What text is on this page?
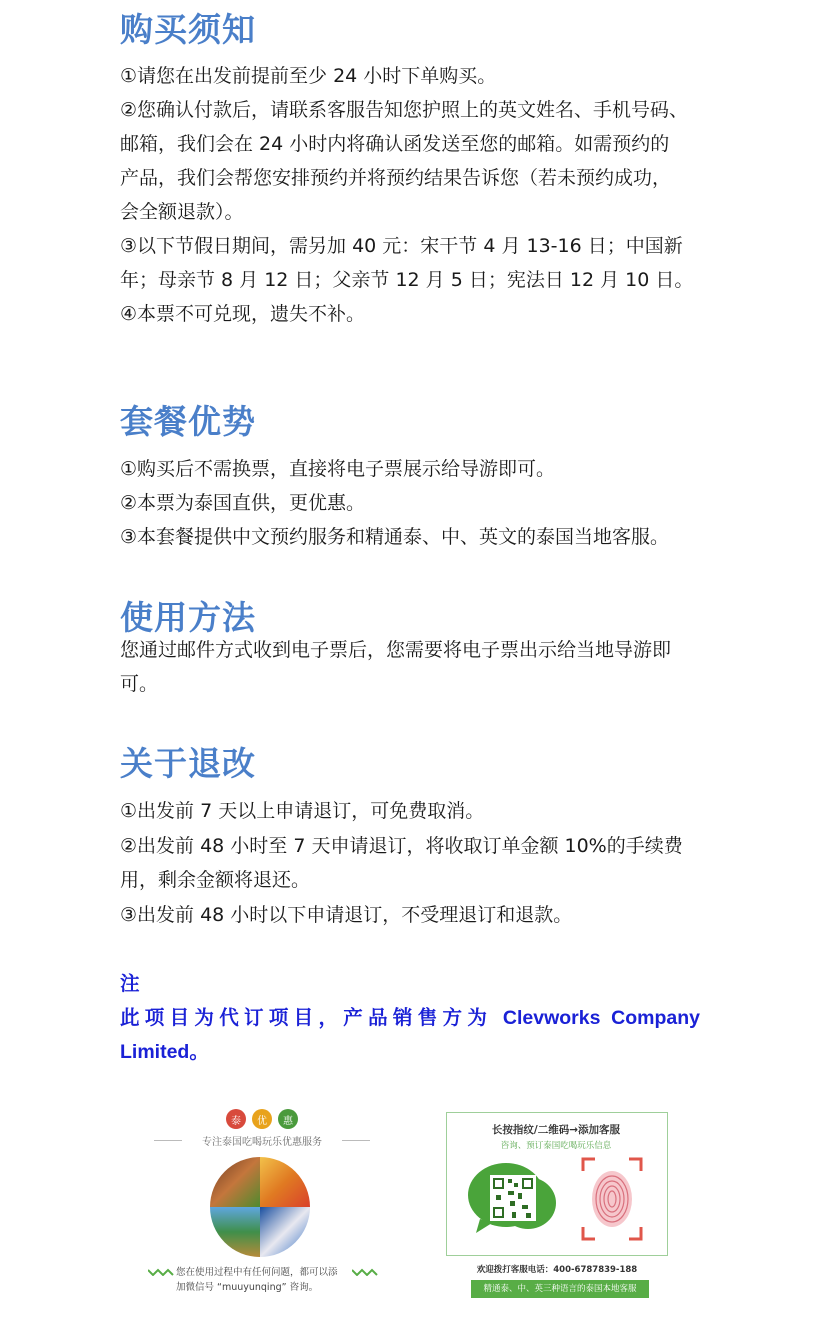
购买须知

①请您在出发前提前至少 24 小时下单购买。

②您确认付款后，请联系客服告知您护照上的英文姓名、手机号码、

邮箱，我们会在 24 小时内将确认函发送至您的邮箱。如需预约的

产品，我们会帮您安排预约并将预约结果告诉您（若未预约成功，

会全额退款）。

③以下节假日期间，需另加 40 元：宋干节 4 月 13-16 日；中国新

年；母亲节 8 月 12 日；父亲节 12 月 5 日；宪法日 12 月 10 日。

④本票不可兑现，遗失不补。

套餐优势

①购买后不需换票，直接将电子票展示给导游即可。

②本票为泰国直供，更优惠。

③本套餐提供中文预约服务和精通泰、中、英文的泰国当地客服。

使用方法

您通过邮件方式收到电子票后，您需要将电子票出示给当地导游即

可。

关于退改

①出发前 7 天以上申请退订，可免费取消。

②出发前 48 小时至 7 天申请退订，将收取订单金额 10%的手续费

用，剩余金额将退还。

③出发前 48 小时以下申请退订，不受理退订和退款。

注

此项目为代订项目，产品销售方为 Clevworks Company

Limited。

泰	优	惠
专注泰国吃喝玩乐优惠服务
您在使用过程中有任何问题，都可以添
加微信号 “muuyunqing” 咨询。
长按指纹/二维码→添加客服
咨询、预订泰国吃喝玩乐信息
欢迎拨打客服电话：400-6787839-188
精通泰、中、英三种语言的泰国本地客服
